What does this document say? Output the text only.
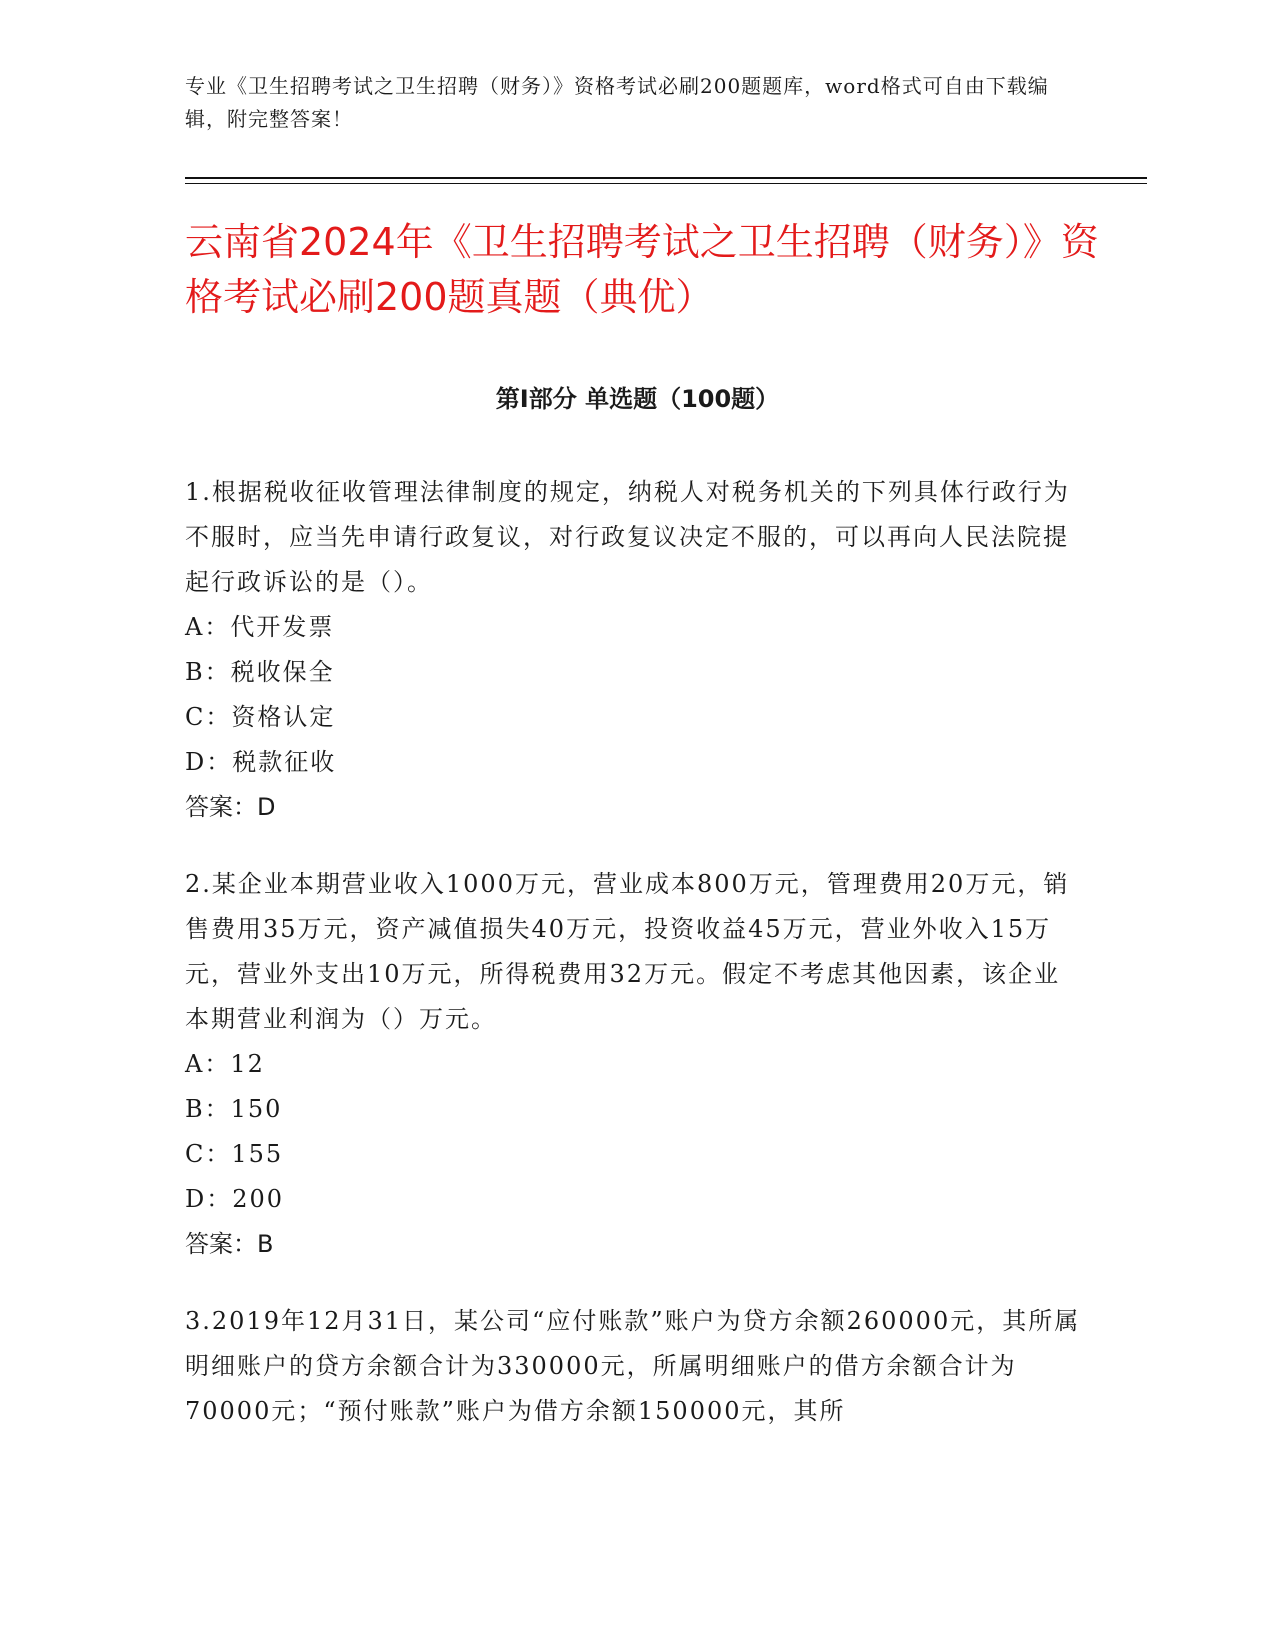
专业《卫生招聘考试之卫生招聘（财务）》资格考试必刷200题题库，word格式可自由下载编辑，附完整答案！
云南省2024年《卫生招聘考试之卫生招聘（财务）》资格考试必刷200题真题（典优）
第I部分 单选题（100题）

1.根据税收征收管理法律制度的规定，纳税人对税务机关的下列具体行政行为不服时，应当先申请行政复议，对行政复议决定不服的，可以再向人民法院提起行政诉讼的是（）。

A：代开发票

B：税收保全

C：资格认定

D：税款征收

答案：D

2.某企业本期营业收入1000万元，营业成本800万元，管理费用20万元，销售费用35万元，资产减值损失40万元，投资收益45万元，营业外收入15万元，营业外支出10万元，所得税费用32万元。假定不考虑其他因素，该企业本期营业利润为（）万元。

A：12

B：150

C：155

D：200

答案：B

3.2019年12月31日，某公司“应付账款”账户为贷方余额260000元，其所属明细账户的贷方余额合计为330000元，所属明细账户的借方余额合计为70000元；“预付账款”账户为借方余额150000元，其所
